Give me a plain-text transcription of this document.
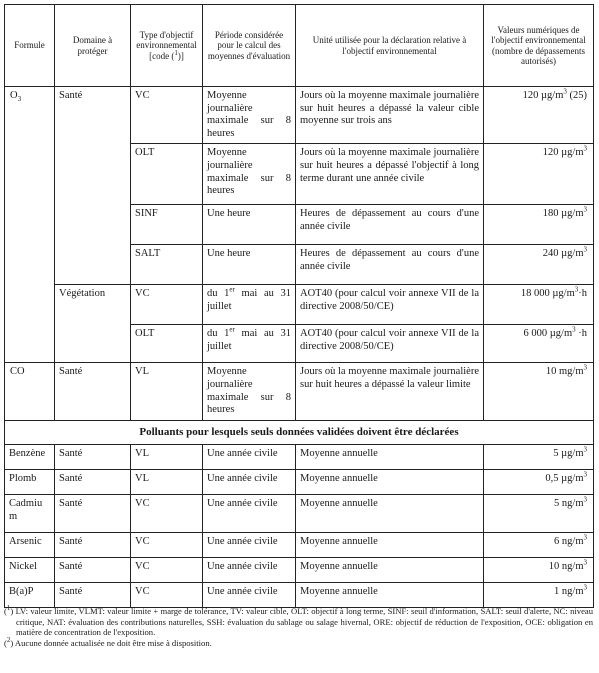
Formule	Domaine à protéger	Type d'objectif environnemental [code ($^1$)]	Période considérée pour le calcul des moyennes d'évaluation	Unité utilisée pour la déclaration relative à l'objectif environnemental	Valeurs numériques de l'objectif environnemental (nombre de dépassements autorisés)
$O_3$	Santé	VC	Moyenne journalière maximale sur 8 heures	Jours où la moyenne maximale journalière sur huit heures a dépassé la valeur cible moyenne sur trois ans	120 $\mu g/m^3$ (25)
		OLT	Moyenne journalière maximale sur 8 heures	Jours où la moyenne maximale journalière sur huit heures a dépassé l'objectif à long terme durant une année civile	120 $\mu g/m^3$
		SINF	Une heure	Heures de dépassement au cours d'une année civile	180 $\mu g/m^3$
		SALT	Une heure	Heures de dépassement au cours d'une année civile	240 $\mu g/m^3$
	Végétation	VC	du 1er mai au 31 juillet	AOT40 (pour calcul voir annexe VII de la directive 2008/50/CE)	18 000 $\mu g/m^3\cdot h$
		OLT	du 1er mai au 31 juillet	AOT40 (pour calcul voir annexe VII de la directive 2008/50/CE)	6 000 $\mu g/m^3 \cdot h$
CO	Santé	VL	Moyenne journalière maximale sur 8 heures	Jours où la moyenne maximale journalière sur huit heures a dépassé la valeur limite	10 $mg/m^3$
Polluants pour lesquels seuls données validées doivent être déclarées					
Benzène	Santé	VL	Une année civile	Moyenne annuelle	5 $\mu g/m^3$
Plomb	Santé	VL	Une année civile	Moyenne annuelle	0,5 $\mu g/m^3$
Cadmium	Santé	VC	Une année civile	Moyenne annuelle	5 $ng/m^3$
Arsenic	Santé	VC	Une année civile	Moyenne annuelle	6 $ng/m^3$
Nickel	Santé	VC	Une année civile	Moyenne annuelle	10 $ng/m^3$
B(a)P	Santé	VC	Une année civile	Moyenne annuelle	1 $ng/m^3$

($^1$) LV: valeur limite, VLMT: valeur limite + marge de tolérance, TV: valeur cible, OLT: objectif à long terme, SINF: seuil d'information, SALT: seuil d'alerte, NC: niveau critique, NAT: évaluation des contributions naturelles, SSH: évaluation du sablage ou salage hivernal, ORE: objectif de réduction de l'exposition, OCE: obligation en matière de concentration de l'exposition.

($^2$) Aucune donnée actualisée ne doit être mise à disposition.
